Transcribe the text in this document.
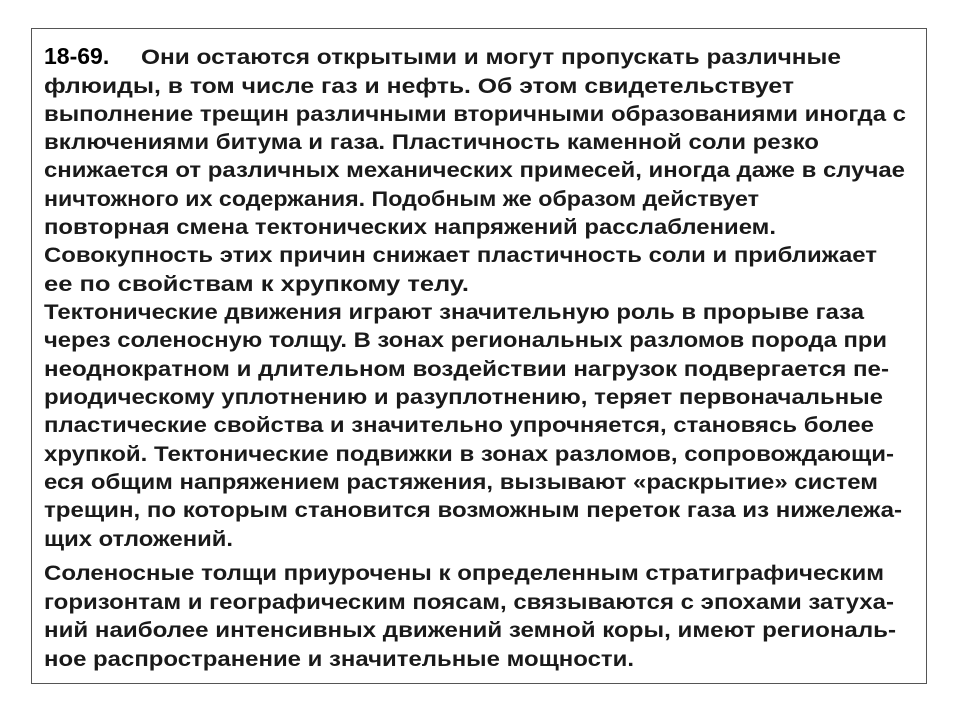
18-69. Они остаются открытыми и могут пропускать различные
флюиды, в том числе газ и нефть. Об этом свидетельствует
выполнение трещин различными вторичными образованиями иногда с
включениями битума и газа. Пластичность каменной соли резко
снижается от различных механических примесей, иногда даже в случае
ничтожного их содержания. Подобным же образом действует
повторная смена тектонических напряжений расслаблением.
Совокупность этих причин снижает пластичность соли и приближает
ее по свойствам к хрупкому телу.
Тектонические движения играют значительную роль в прорыве газа
через соленосную толщу. В зонах региональных разломов порода при
неоднократном и длительном воздействии нагрузок подвергается пе-
риодическому уплотнению и разуплотнению, теряет первоначальные
пластические свойства и значительно упрочняется, становясь более
хрупкой. Тектонические подвижки в зонах разломов, сопровождающи-
еся общим напряжением растяжения, вызывают «раскрытие» систем
трещин, по которым становится возможным переток газа из нижележа-
щих отложений.
Соленосные толщи приурочены к определенным стратиграфическим
горизонтам и географическим поясам, связываются с эпохами затуха-
ний наиболее интенсивных движений земной коры, имеют региональ-
ное распространение и значительные мощности.
